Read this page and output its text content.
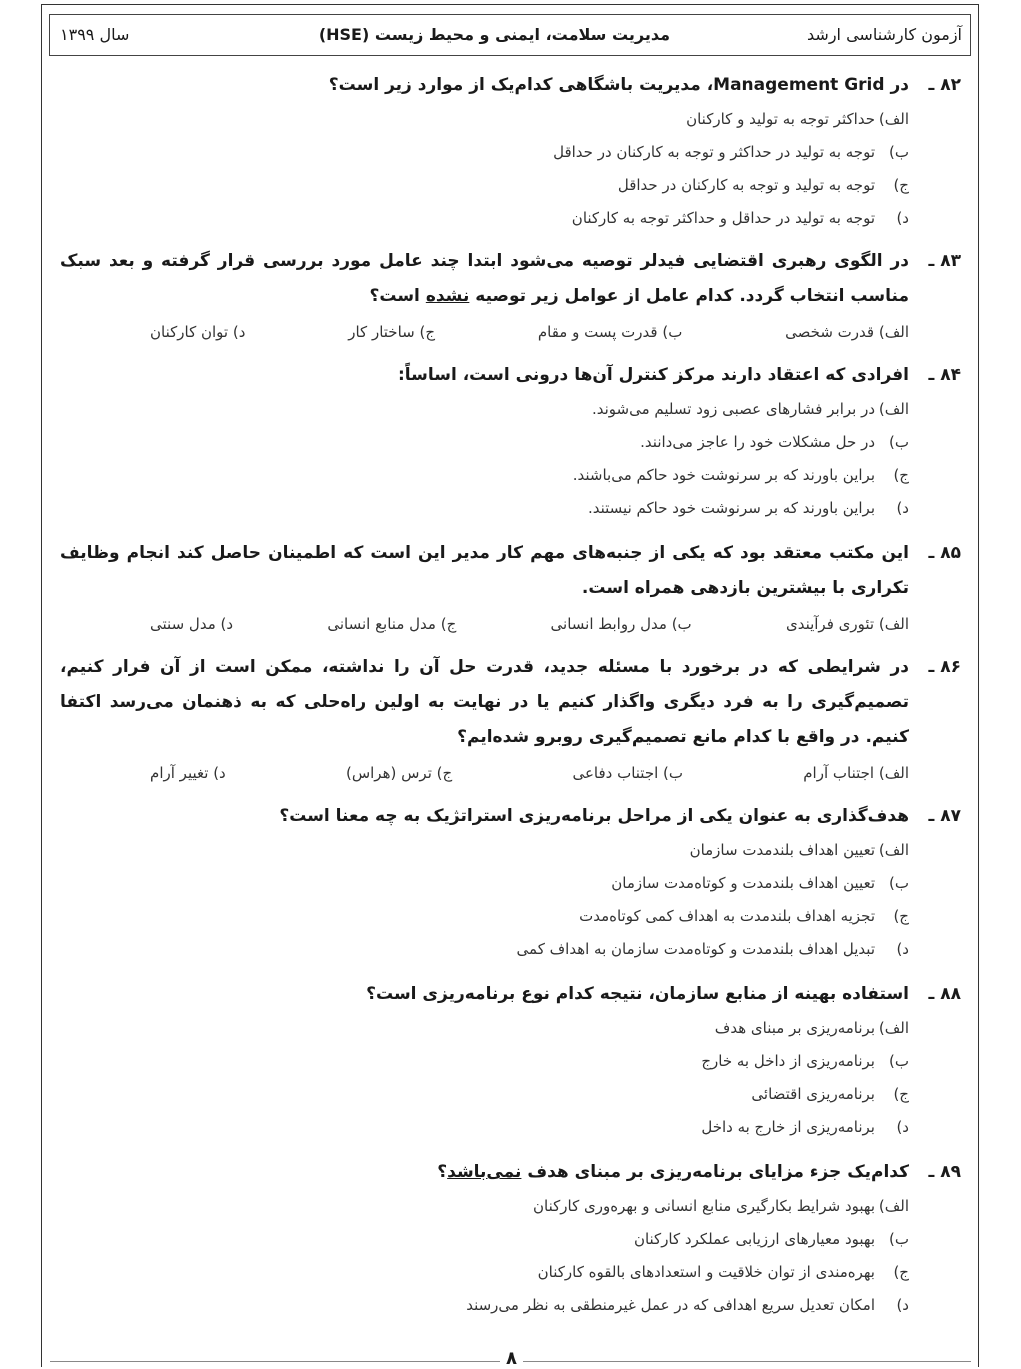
آزمون کارشناسی ارشد
مدیریت سلامت، ایمنی و محیط زیست (HSE)
سال ۱۳۹۹
۸۲ ـ
در Management Grid، مدیریت باشگاهی کدام‌یک از موارد زیر است؟
الف)حداکثر توجه به تولید و کارکنان
ب)توجه به تولید در حداکثر و توجه به کارکنان در حداقل
ج)توجه به تولید و توجه به کارکنان در حداقل
د)توجه به تولید در حداقل و حداکثر توجه به کارکنان
۸۳ ـ
در الگوی رهبری اقتضایی فیدلر توصیه می‌شود ابتدا چند عامل مورد بررسی قرار گرفته و بعد سبک مناسب انتخاب گردد. کدام عامل از عوامل زیر توصیه نشده است؟
الف) قدرت شخصی
ب) قدرت پست و مقام
ج) ساختار کار
د) توان کارکنان
۸۴ ـ
افرادی که اعتقاد دارند مرکز کنترل آن‌ها درونی است، اساساً:
الف)در برابر فشارهای عصبی زود تسلیم می‌شوند.
ب)در حل مشکلات خود را عاجز می‌دانند.
ج)براین باورند که بر سرنوشت خود حاکم می‌باشند.
د)براین باورند که بر سرنوشت خود حاکم نیستند.
۸۵ ـ
این مکتب معتقد بود که یکی از جنبه‌های مهم کار مدیر این است که اطمینان حاصل کند انجام وظایف تکراری با بیشترین بازدهی همراه است.
الف) تئوری فرآیندی
ب) مدل روابط انسانی
ج) مدل منابع انسانی
د) مدل سنتی
۸۶ ـ
در شرایطی که در برخورد با مسئله جدید، قدرت حل آن را نداشته، ممکن است از آن فرار کنیم، تصمیم‌گیری را به فرد دیگری واگذار کنیم یا در نهایت به اولین راه‌حلی که به ذهنمان می‌رسد اکتفا کنیم. در واقع با کدام مانع تصمیم‌گیری روبرو شده‌ایم؟
الف) اجتناب آرام
ب) اجتناب دفاعی
ج) ترس (هراس)
د) تغییر آرام
۸۷ ـ
هدف‌گذاری به عنوان یکی از مراحل برنامه‌ریزی استراتژیک به چه معنا است؟
الف)تعیین اهداف بلندمدت سازمان
ب)تعیین اهداف بلندمدت و کوتاه‌مدت سازمان
ج)تجزیه اهداف بلندمدت به اهداف کمی کوتاه‌مدت
د)تبدیل اهداف بلندمدت و کوتاه‌مدت سازمان به اهداف کمی
۸۸ ـ
استفاده بهینه از منابع سازمان، نتیجه کدام نوع برنامه‌ریزی است؟
الف)برنامه‌ریزی بر مبنای هدف
ب)برنامه‌ریزی از داخل به خارج
ج)برنامه‌ریزی اقتضائی
د)برنامه‌ریزی از خارج به داخل
۸۹ ـ
کدام‌یک جزء مزایای برنامه‌ریزی بر مبنای هدف نمی‌باشد؟
الف)بهبود شرایط بکارگیری منابع انسانی و بهره‌وری کارکنان
ب)بهبود معیارهای ارزیابی عملکرد کارکنان
ج)بهره‌مندی از توان خلاقیت و استعدادهای بالقوه کارکنان
د)امکان تعدیل سریع اهدافی که در عمل غیرمنطقی به نظر می‌رسند
۸
